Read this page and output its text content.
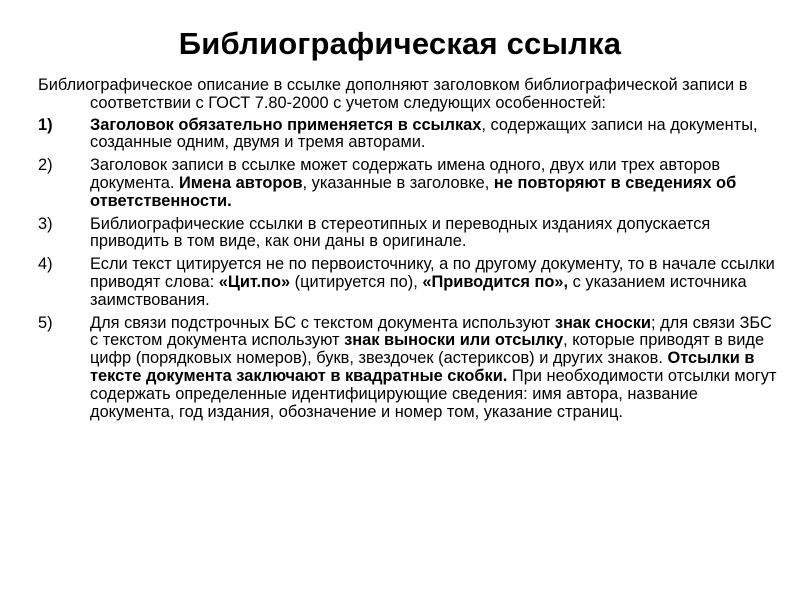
Библиографическая ссылка

Библиографическое описание в ссылке дополняют заголовком библиографической записи в соответствии с ГОСТ 7.80-2000 с учетом следующих особенностей:

1) Заголовок обязательно применяется в ссылках, содержащих записи на документы, созданные одним, двумя и тремя авторами.
2) Заголовок записи в ссылке может содержать имена одного, двух или трех авторов документа. Имена авторов, указанные в заголовке, не повторяют в сведениях об ответственности.
3) Библиографические ссылки в стереотипных и переводных изданиях допускается приводить в том виде, как они даны в оригинале.
4) Если текст цитируется не по первоисточнику, а по другому документу, то в начале ссылки приводят слова: «Цит.по» (цитируется по), «Приводится по», с указанием источника заимствования.
5) Для связи подстрочных БС с текстом документа используют знак сноски; для связи ЗБС с текстом документа используют знак выноски или отсылку, которые приводят в виде цифр (порядковых номеров), букв, звездочек (астериксов) и других знаков. Отсылки в тексте документа заключают в квадратные скобки. При необходимости отсылки могут содержать определенные идентифицирующие сведения: имя автора, название документа, год издания, обозначение и номер том, указание страниц.
